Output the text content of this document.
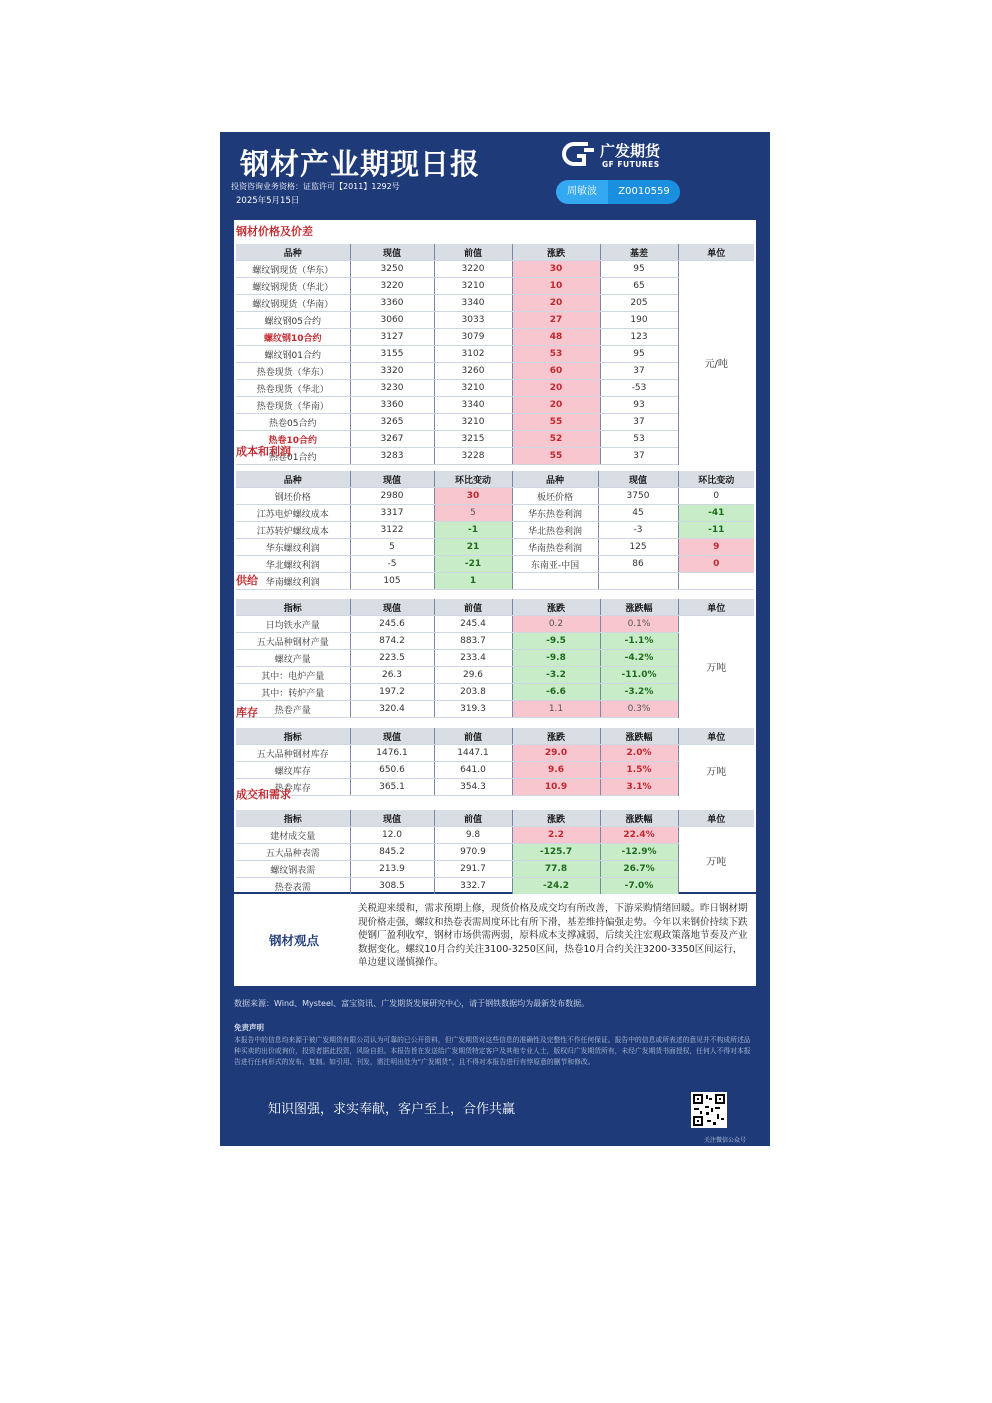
钢材产业期现日报
投资咨询业务资格：证监许可【2011】1292号
2025年5月15日
广发期货
GF FUTURES
周敏波	Z0010559
钢材价格及价差
品种	现值	前值	涨跌	基差	单位
螺纹钢现货（华东）	3250	3220	30	95	元/吨
螺纹钢现货（华北）	3220	3210	10	65	
螺纹钢现货（华南）	3360	3340	20	205	
螺纹钢05合约	3060	3033	27	190	
螺纹钢10合约	3127	3079	48	123	
螺纹钢01合约	3155	3102	53	95	
热卷现货（华东）	3320	3260	60	37	
热卷现货（华北）	3230	3210	20	-53	
热卷现货（华南）	3360	3340	20	93	
热卷05合约	3265	3210	55	37	
热卷10合约	3267	3215	52	53	
热卷01合约	3283	3228	55	37	
成本和利润
品种	现值	环比变动	品种	现值	环比变动
钢坯价格	2980	30	板坯价格	3750	0
江苏电炉螺纹成本	3317	5	华东热卷利润	45	-41
江苏转炉螺纹成本	3122	-1	华北热卷利润	-3	-11
华东螺纹利润	5	21	华南热卷利润	125	9
华北螺纹利润	-5	-21	东南亚-中国	86	0
华南螺纹利润	105	1			
供给
指标	现值	前值	涨跌	涨跌幅	单位
日均铁水产量	245.6	245.4	0.2	0.1%	万吨
五大品种钢材产量	874.2	883.7	-9.5	-1.1%	
螺纹产量	223.5	233.4	-9.8	-4.2%	
其中：电炉产量	26.3	29.6	-3.2	-11.0%	
其中：转炉产量	197.2	203.8	-6.6	-3.2%	
热卷产量	320.4	319.3	1.1	0.3%	
库存
指标	现值	前值	涨跌	涨跌幅	单位
五大品种钢材库存	1476.1	1447.1	29.0	2.0%	万吨
螺纹库存	650.6	641.0	9.6	1.5%	
热卷库存	365.1	354.3	10.9	3.1%	
成交和需求
指标	现值	前值	涨跌	涨跌幅	单位
建材成交量	12.0	9.8	2.2	22.4%	万吨
五大品种表需	845.2	970.9	-125.7	-12.9%	
螺纹钢表需	213.9	291.7	77.8	26.7%	
热卷表需	308.5	332.7	-24.2	-7.0%	
钢材观点
关税迎来缓和，需求预期上修，现货价格及成交均有所改善，下游采购情绪回暖。昨日钢材期现价格走强，螺纹和热卷表需周度环比有所下滑，基差维持偏强走势。今年以来钢价持续下跌使钢厂盈利收窄，钢材市场供需两弱，原料成本支撑减弱，后续关注宏观政策落地节奏及产业数据变化。螺纹10月合约关注3100-3250区间，热卷10月合约关注3200-3350区间运行，单边建议谨慎操作。
数据来源：Wind、Mysteel、富宝资讯、广发期货发展研究中心，请于钢铁数据均为最新发布数据。
免责声明
本报告中的信息均来源于被广发期货有限公司认为可靠的已公开资料，但广发期货对这些信息的准确性及完整性不作任何保证。报告中的信息或所表述的意见并不构成所述品种买卖的出价或询价，投资者据此投资，风险自担。本报告旨在发送给广发期货特定客户及其他专业人士，版权归广发期货所有，未经广发期货书面授权，任何人不得对本报告进行任何形式的发布、复制。如引用、刊发，需注明出处为“广发期货”，且不得对本报告进行有悖原意的删节和修改。
知识图强，求实奉献，客户至上，合作共赢
关注微信公众号
